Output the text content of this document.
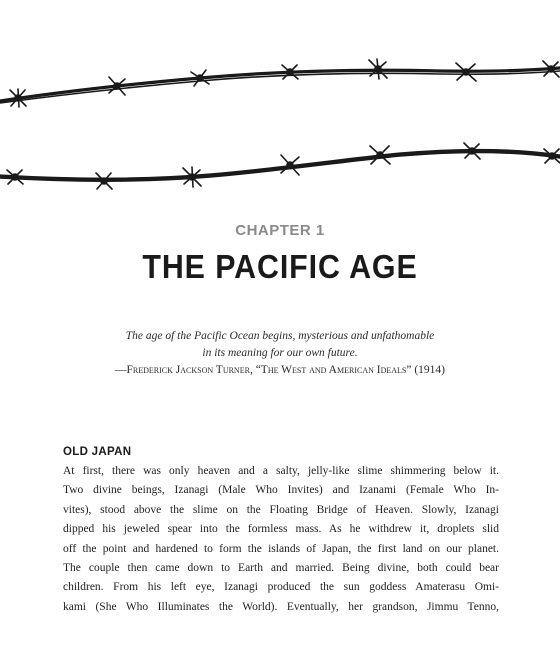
CHAPTER 1
THE PACIFIC AGE
The age of the Pacific Ocean begins, mysterious and unfathomable
in its meaning for our own future.
—Frederick Jackson Turner, “The West and American Ideals” (1914)
OLD JAPAN
At first, there was only heaven and a salty, jelly-like slime shimmering below it.
Two divine beings, Izanagi (Male Who Invites) and Izanami (Female Who In-
vites), stood above the slime on the Floating Bridge of Heaven. Slowly, Izanagi
dipped his jeweled spear into the formless mass. As he withdrew it, droplets slid
off the point and hardened to form the islands of Japan, the first land on our planet.
The couple then came down to Earth and married. Being divine, both could bear
children. From his left eye, Izanagi produced the sun goddess Amaterasu Omi-
kami (She Who Illuminates the World). Eventually, her grandson, Jimmu Tenno,
